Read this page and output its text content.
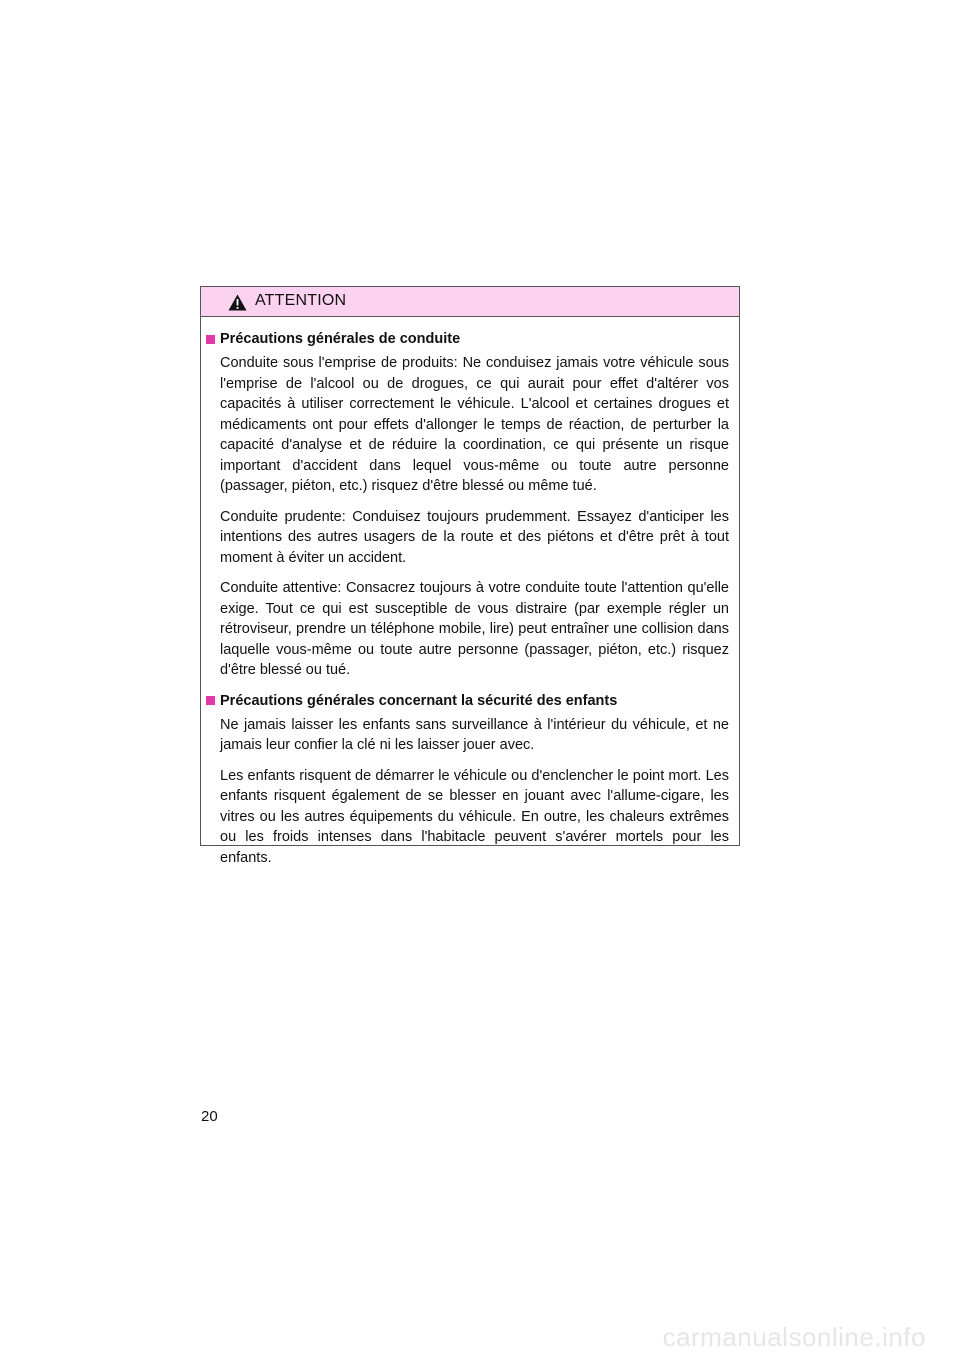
ATTENTION
Précautions générales de conduite

Conduite sous l'emprise de produits: Ne conduisez jamais votre véhicule sous l'emprise de l'alcool ou de drogues, ce qui aurait pour effet d'altérer vos capacités à utiliser correctement le véhicule. L'alcool et certaines drogues et médicaments ont pour effets d'allonger le temps de réaction, de perturber la capacité d'analyse et de réduire la coordination, ce qui présente un risque important d'accident dans lequel vous-même ou toute autre personne (passager, piéton, etc.) risquez d'être blessé ou même tué.

Conduite prudente: Conduisez toujours prudemment. Essayez d'anticiper les intentions des autres usagers de la route et des piétons et d'être prêt à tout moment à éviter un accident.

Conduite attentive: Consacrez toujours à votre conduite toute l'attention qu'elle exige. Tout ce qui est susceptible de vous distraire (par exemple régler un rétroviseur, prendre un téléphone mobile, lire) peut entraîner une collision dans laquelle vous-même ou toute autre personne (passager, piéton, etc.) risquez d'être blessé ou tué.

Précautions générales concernant la sécurité des enfants

Ne jamais laisser les enfants sans surveillance à l'intérieur du véhicule, et ne jamais leur confier la clé ni les laisser jouer avec.

Les enfants risquent de démarrer le véhicule ou d'enclencher le point mort. Les enfants risquent également de se blesser en jouant avec l'allume-cigare, les vitres ou les autres équipements du véhicule. En outre, les chaleurs extrêmes ou les froids intenses dans l'habitacle peuvent s'avérer mortels pour les enfants.

20
carmanualsonline.info
